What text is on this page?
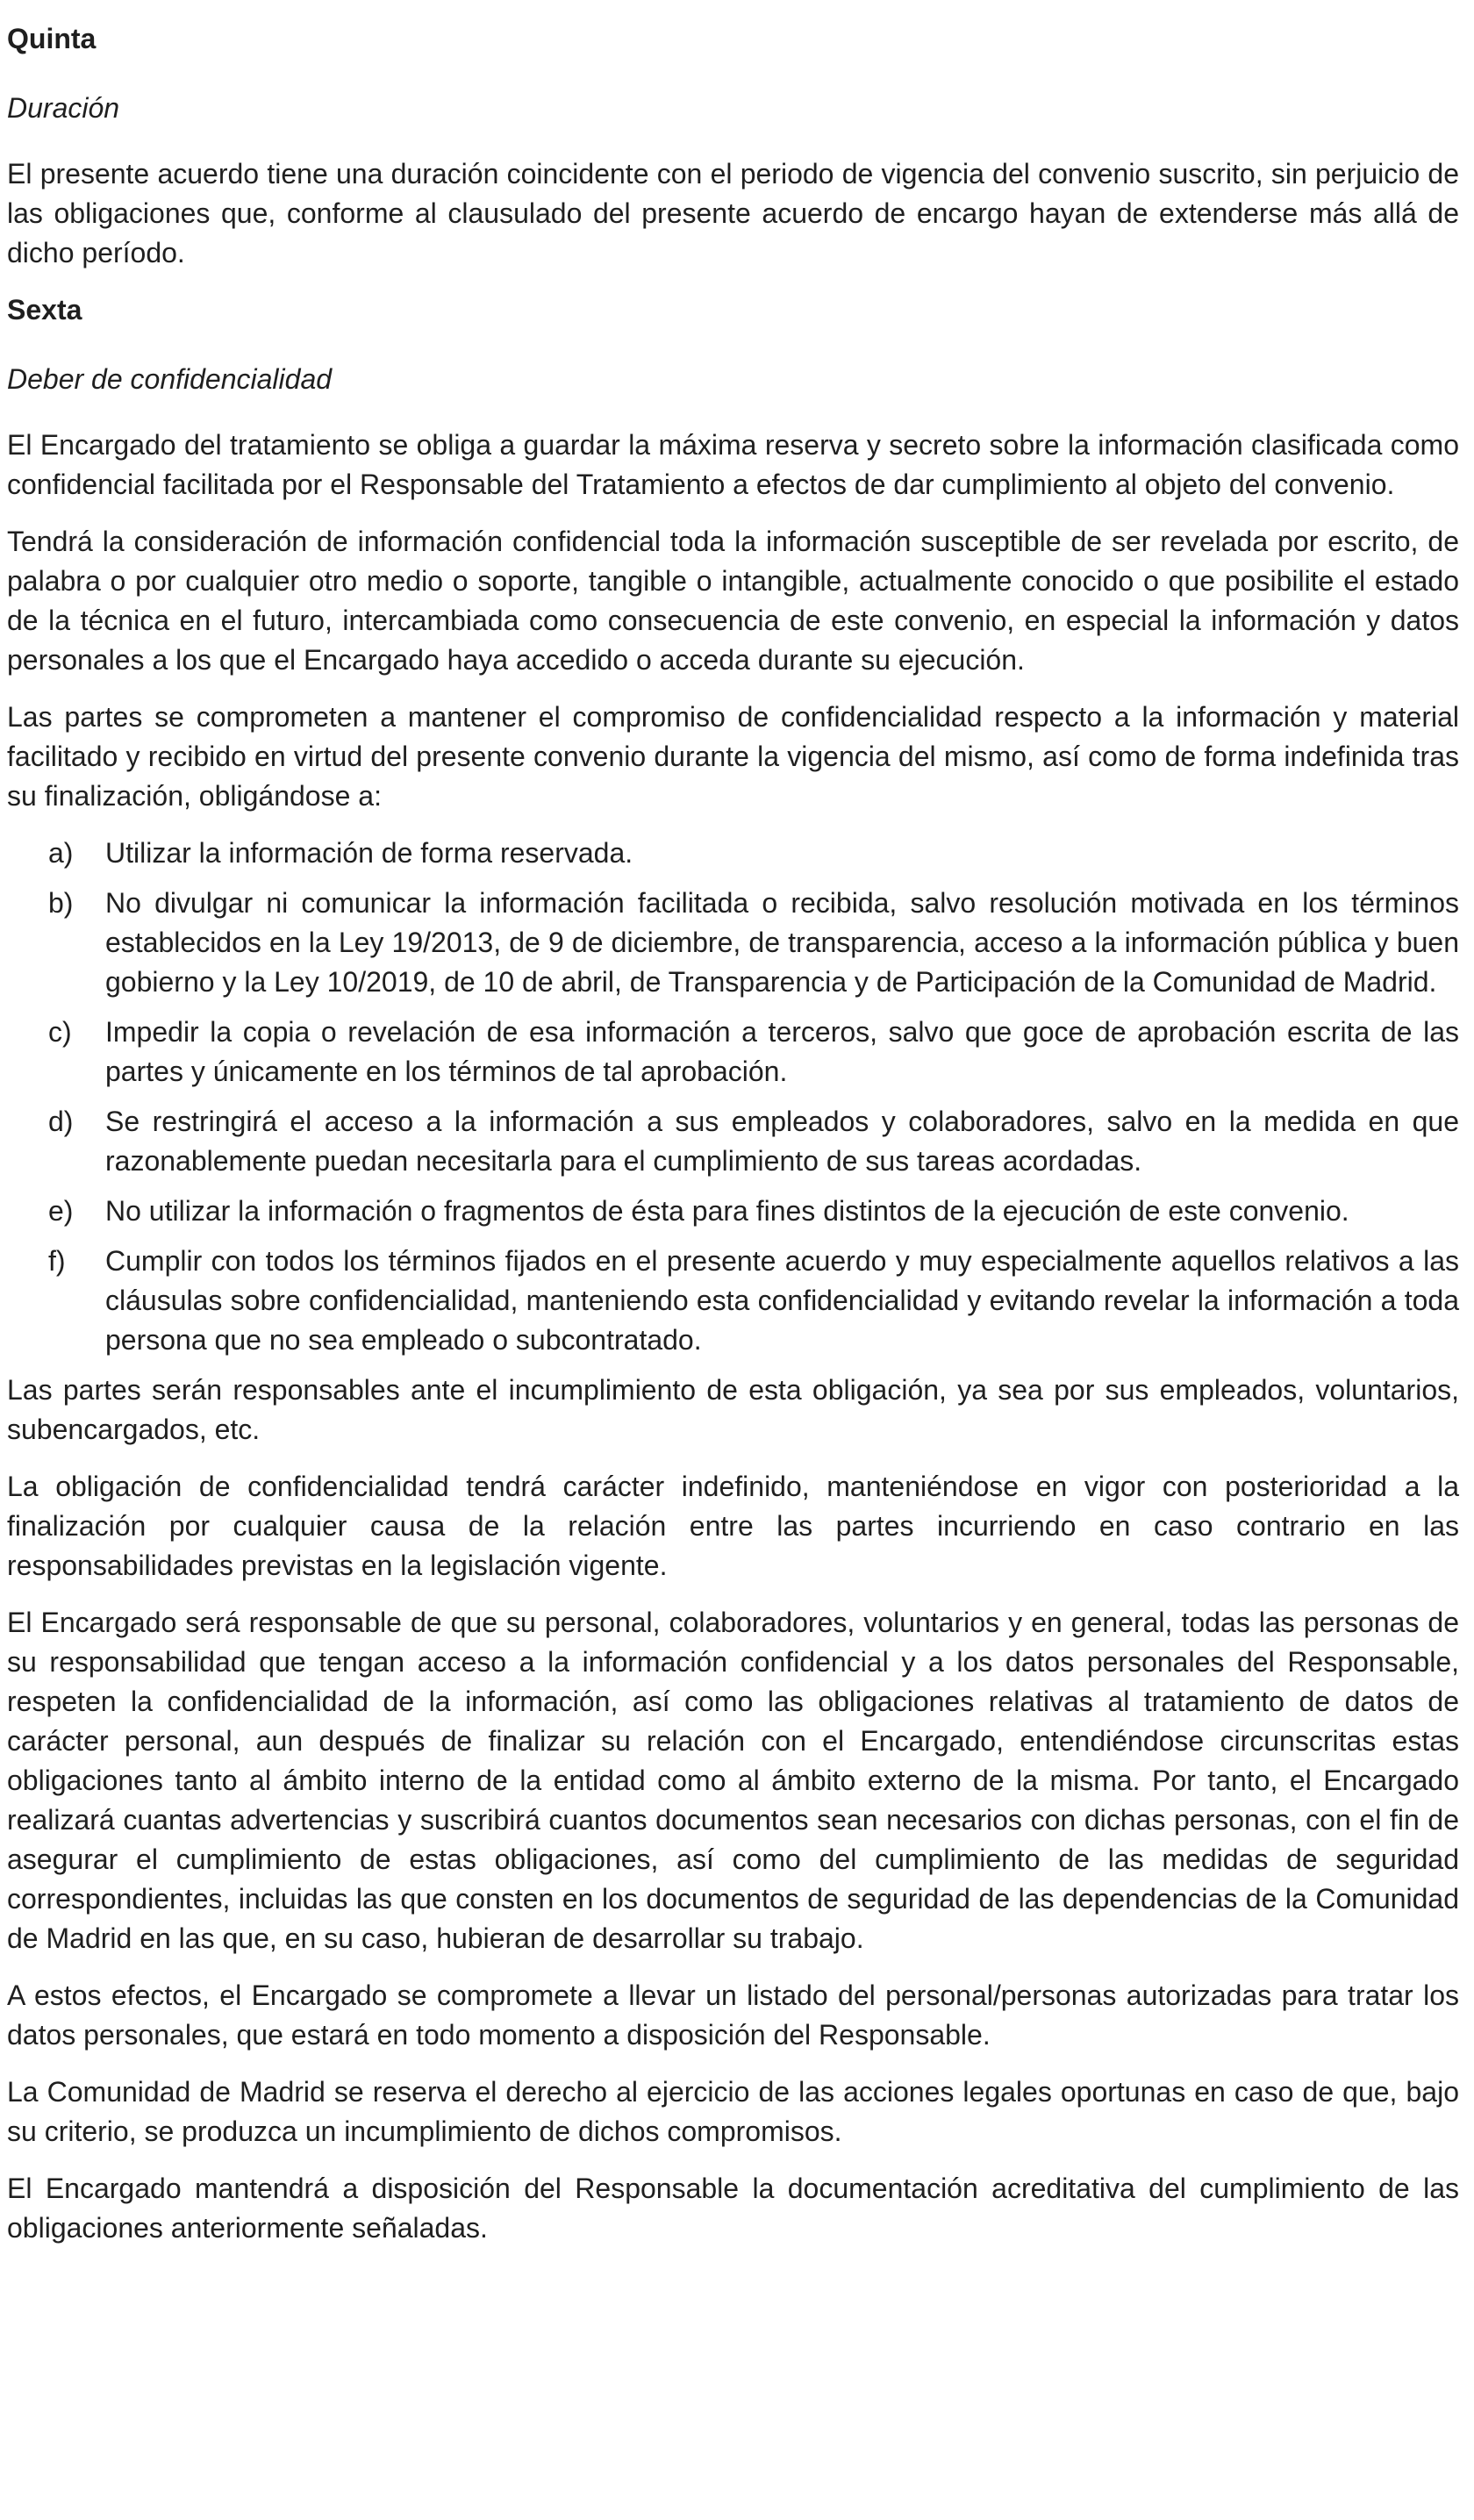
Quinta

Duración

El presente acuerdo tiene una duración coincidente con el periodo de vigencia del convenio suscrito, sin perjuicio de las obligaciones que, conforme al clausulado del presente acuerdo de encargo hayan de extenderse más allá de dicho período.

Sexta

Deber de confidencialidad

El Encargado del tratamiento se obliga a guardar la máxima reserva y secreto sobre la información clasificada como confidencial facilitada por el Responsable del Tratamiento a efectos de dar cumplimiento al objeto del convenio.

Tendrá la consideración de información confidencial toda la información susceptible de ser revelada por escrito, de palabra o por cualquier otro medio o soporte, tangible o intangible, actualmente conocido o que posibilite el estado de la técnica en el futuro, intercambiada como consecuencia de este convenio, en especial la información y datos personales a los que el Encargado haya accedido o acceda durante su ejecución.

Las partes se comprometen a mantener el compromiso de confidencialidad respecto a la información y material facilitado y recibido en virtud del presente convenio durante la vigencia del mismo, así como de forma indefinida tras su finalización, obligándose a:

a) Utilizar la información de forma reservada.
b) No divulgar ni comunicar la información facilitada o recibida, salvo resolución motivada en los términos establecidos en la Ley 19/2013, de 9 de diciembre, de transparencia, acceso a la información pública y buen gobierno y la Ley 10/2019, de 10 de abril, de Transparencia y de Participación de la Comunidad de Madrid.
c) Impedir la copia o revelación de esa información a terceros, salvo que goce de aprobación escrita de las partes y únicamente en los términos de tal aprobación.
d) Se restringirá el acceso a la información a sus empleados y colaboradores, salvo en la medida en que razonablemente puedan necesitarla para el cumplimiento de sus tareas acordadas.
e) No utilizar la información o fragmentos de ésta para fines distintos de la ejecución de este convenio.
f) Cumplir con todos los términos fijados en el presente acuerdo y muy especialmente aquellos relativos a las cláusulas sobre confidencialidad, manteniendo esta confidencialidad y evitando revelar la información a toda persona que no sea empleado o subcontratado.

Las partes serán responsables ante el incumplimiento de esta obligación, ya sea por sus empleados, voluntarios, subencargados, etc.

La obligación de confidencialidad tendrá carácter indefinido, manteniéndose en vigor con posterioridad a la finalización por cualquier causa de la relación entre las partes incurriendo en caso contrario en las responsabilidades previstas en la legislación vigente.

El Encargado será responsable de que su personal, colaboradores, voluntarios y en general, todas las personas de su responsabilidad que tengan acceso a la información confidencial y a los datos personales del Responsable, respeten la confidencialidad de la información, así como las obligaciones relativas al tratamiento de datos de carácter personal, aun después de finalizar su relación con el Encargado, entendiéndose circunscritas estas obligaciones tanto al ámbito interno de la entidad como al ámbito externo de la misma. Por tanto, el Encargado realizará cuantas advertencias y suscribirá cuantos documentos sean necesarios con dichas personas, con el fin de asegurar el cumplimiento de estas obligaciones, así como del cumplimiento de las medidas de seguridad correspondientes, incluidas las que consten en los documentos de seguridad de las dependencias de la Comunidad de Madrid en las que, en su caso, hubieran de desarrollar su trabajo.

A estos efectos, el Encargado se compromete a llevar un listado del personal/personas autorizadas para tratar los datos personales, que estará en todo momento a disposición del Responsable.

La Comunidad de Madrid se reserva el derecho al ejercicio de las acciones legales oportunas en caso de que, bajo su criterio, se produzca un incumplimiento de dichos compromisos.

El Encargado mantendrá a disposición del Responsable la documentación acreditativa del cumplimiento de las obligaciones anteriormente señaladas.
